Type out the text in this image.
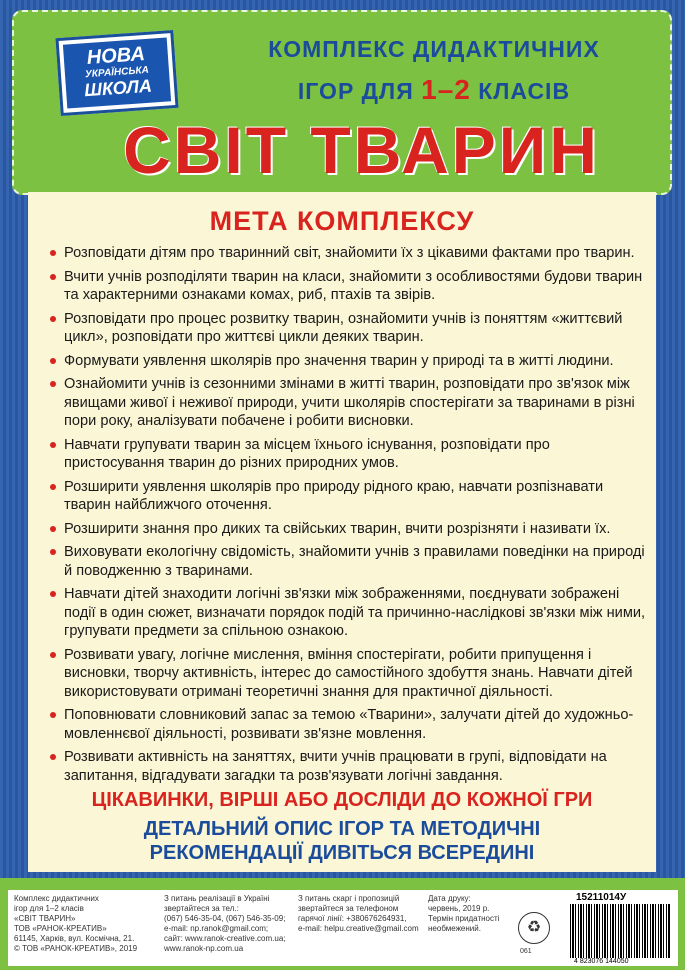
НОВА
УКРАЇНСЬКА
ШКОЛА
КОМПЛЕКС ДИДАКТИЧНИХ
ІГОР ДЛЯ 1–2 КЛАСІВ
СВІТ ТВАРИН
МЕТА КОМПЛЕКСУ
Розповідати дітям про тваринний світ, знайомити їх з цікавими фактами про тварин.
Вчити учнів розподіляти тварин на класи, знайомити з особливостями будови тварин та характерними ознаками комах, риб, птахів та звірів.
Розповідати про процес розвитку тварин, ознайомити учнів із поняттям «життєвий цикл», розповідати про життєві цикли деяких тварин.
Формувати уявлення школярів про значення тварин у природі та в житті людини.
Ознайомити учнів із сезонними змінами в житті тварин, розповідати про зв'язок між явищами живої і неживої природи, учити школярів спостерігати за тваринами в різні пори року, аналізувати побачене і робити висновки.
Навчати групувати тварин за місцем їхнього існування, розповідати про пристосування тварин до різних природних умов.
Розширити уявлення школярів про природу рідного краю, навчати розпізнавати тварин найближчого оточення.
Розширити знання про диких та свійських тварин, вчити розрізняти і називати їх.
Виховувати екологічну свідомість, знайомити учнів з правилами поведінки на природі й поводженню з тваринами.
Навчати дітей знаходити логічні зв'язки між зображеннями, поєднувати зображені події в один сюжет, визначати порядок подій та причинно-наслідкові зв'язки між ними, групувати предмети за спільною ознакою.
Розвивати увагу, логічне мислення, вміння спостерігати, робити припущення і висновки, творчу активність, інтерес до самостійного здобуття знань. Навчати дітей використовувати отримані теоретичні знання для практичної діяльності.
Поповнювати словниковий запас за темою «Тварини», залучати дітей до художньо-мовленнєвої діяльності, розвивати зв'язне мовлення.
Розвивати активність на заняттях, вчити учнів працювати в групі, відповідати на запитання, відгадувати загадки та розв'язувати логічні завдання.
ЦІКАВИНКИ, ВІРШІ АБО ДОСЛІДИ ДО КОЖНОЇ ГРИ
ДЕТАЛЬНИЙ ОПИС ІГОР ТА МЕТОДИЧНІ
РЕКОМЕНДАЦІЇ ДИВІТЬСЯ ВСЕРЕДИНІ
Комплекс дидактичних
ігор для 1–2 класів
«СВІТ ТВАРИН»
ТОВ «РАНОК-КРЕАТИВ»
61145, Харків, вул. Космічна, 21.
© ТОВ «РАНОК-КРЕАТИВ», 2019
З питань реалізації в Україні
звертайтеся за тел.:
(067) 546-35-04, (067) 546-35-09;
e-mail: np.ranok@gmail.com;
сайт: www.ranok-creative.com.ua;
www.ranok-np.com.ua
З питань скарг і пропозицій
звертайтеся за телефоном
гарячої лінії: +380676264931,
e-mail: helpu.creative@gmail.com
Дата друку:
червень, 2019 р.
Термін придатності
необмежений.	♻
061
15211014У
4 823076 144050
